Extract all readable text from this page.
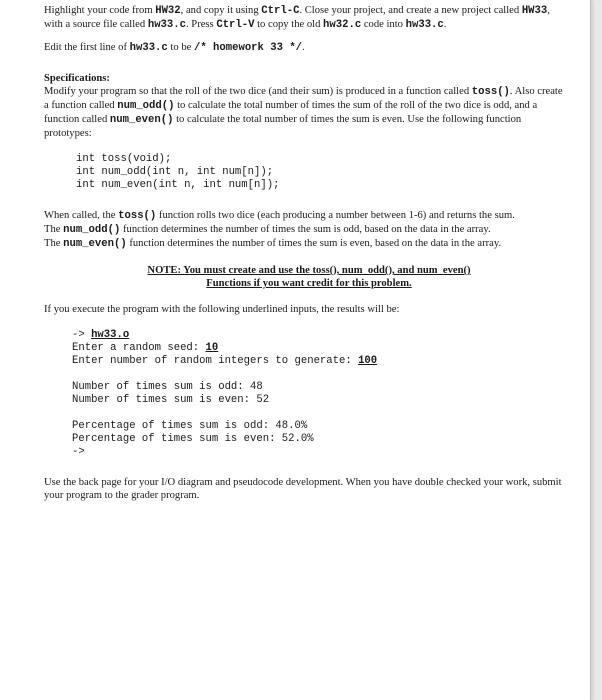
Highlight your code from HW32, and copy it using Ctrl-C. Close your project, and create a new project called HW33, with a source file called hw33.c. Press Ctrl-V to copy the old hw32.c code into hw33.c.

Edit the first line of hw33.c to be /* homework 33 */.

Specifications:

Modify your program so that the roll of the two dice (and their sum) is produced in a function called toss(). Also create a function called num_odd() to calculate the total number of times the sum of the roll of the two dice is odd, and a function called num_even() to calculate the total number of times the sum is even. Use the following function prototypes:

int toss(void);
int num_odd(int n, int num[n]);
int num_even(int n, int num[n]);

When called, the toss() function rolls two dice (each producing a number between 1-6) and returns the sum.

The num_odd() function determines the number of times the sum is odd, based on the data in the array.

The num_even() function determines the number of times the sum is even, based on the data in the array.

NOTE: You must create and use the toss(), num_odd(), and num_even()
Functions if you want credit for this problem.

If you execute the program with the following underlined inputs, the results will be:

-> hw33.o
Enter a random seed: 10
Enter number of random integers to generate: 100
Number of times sum is odd: 48
Number of times sum is even: 52
Percentage of times sum is odd: 48.0%
Percentage of times sum is even: 52.0%
->

Use the back page for your I/O diagram and pseudocode development. When you have double checked your work, submit your program to the grader program.
